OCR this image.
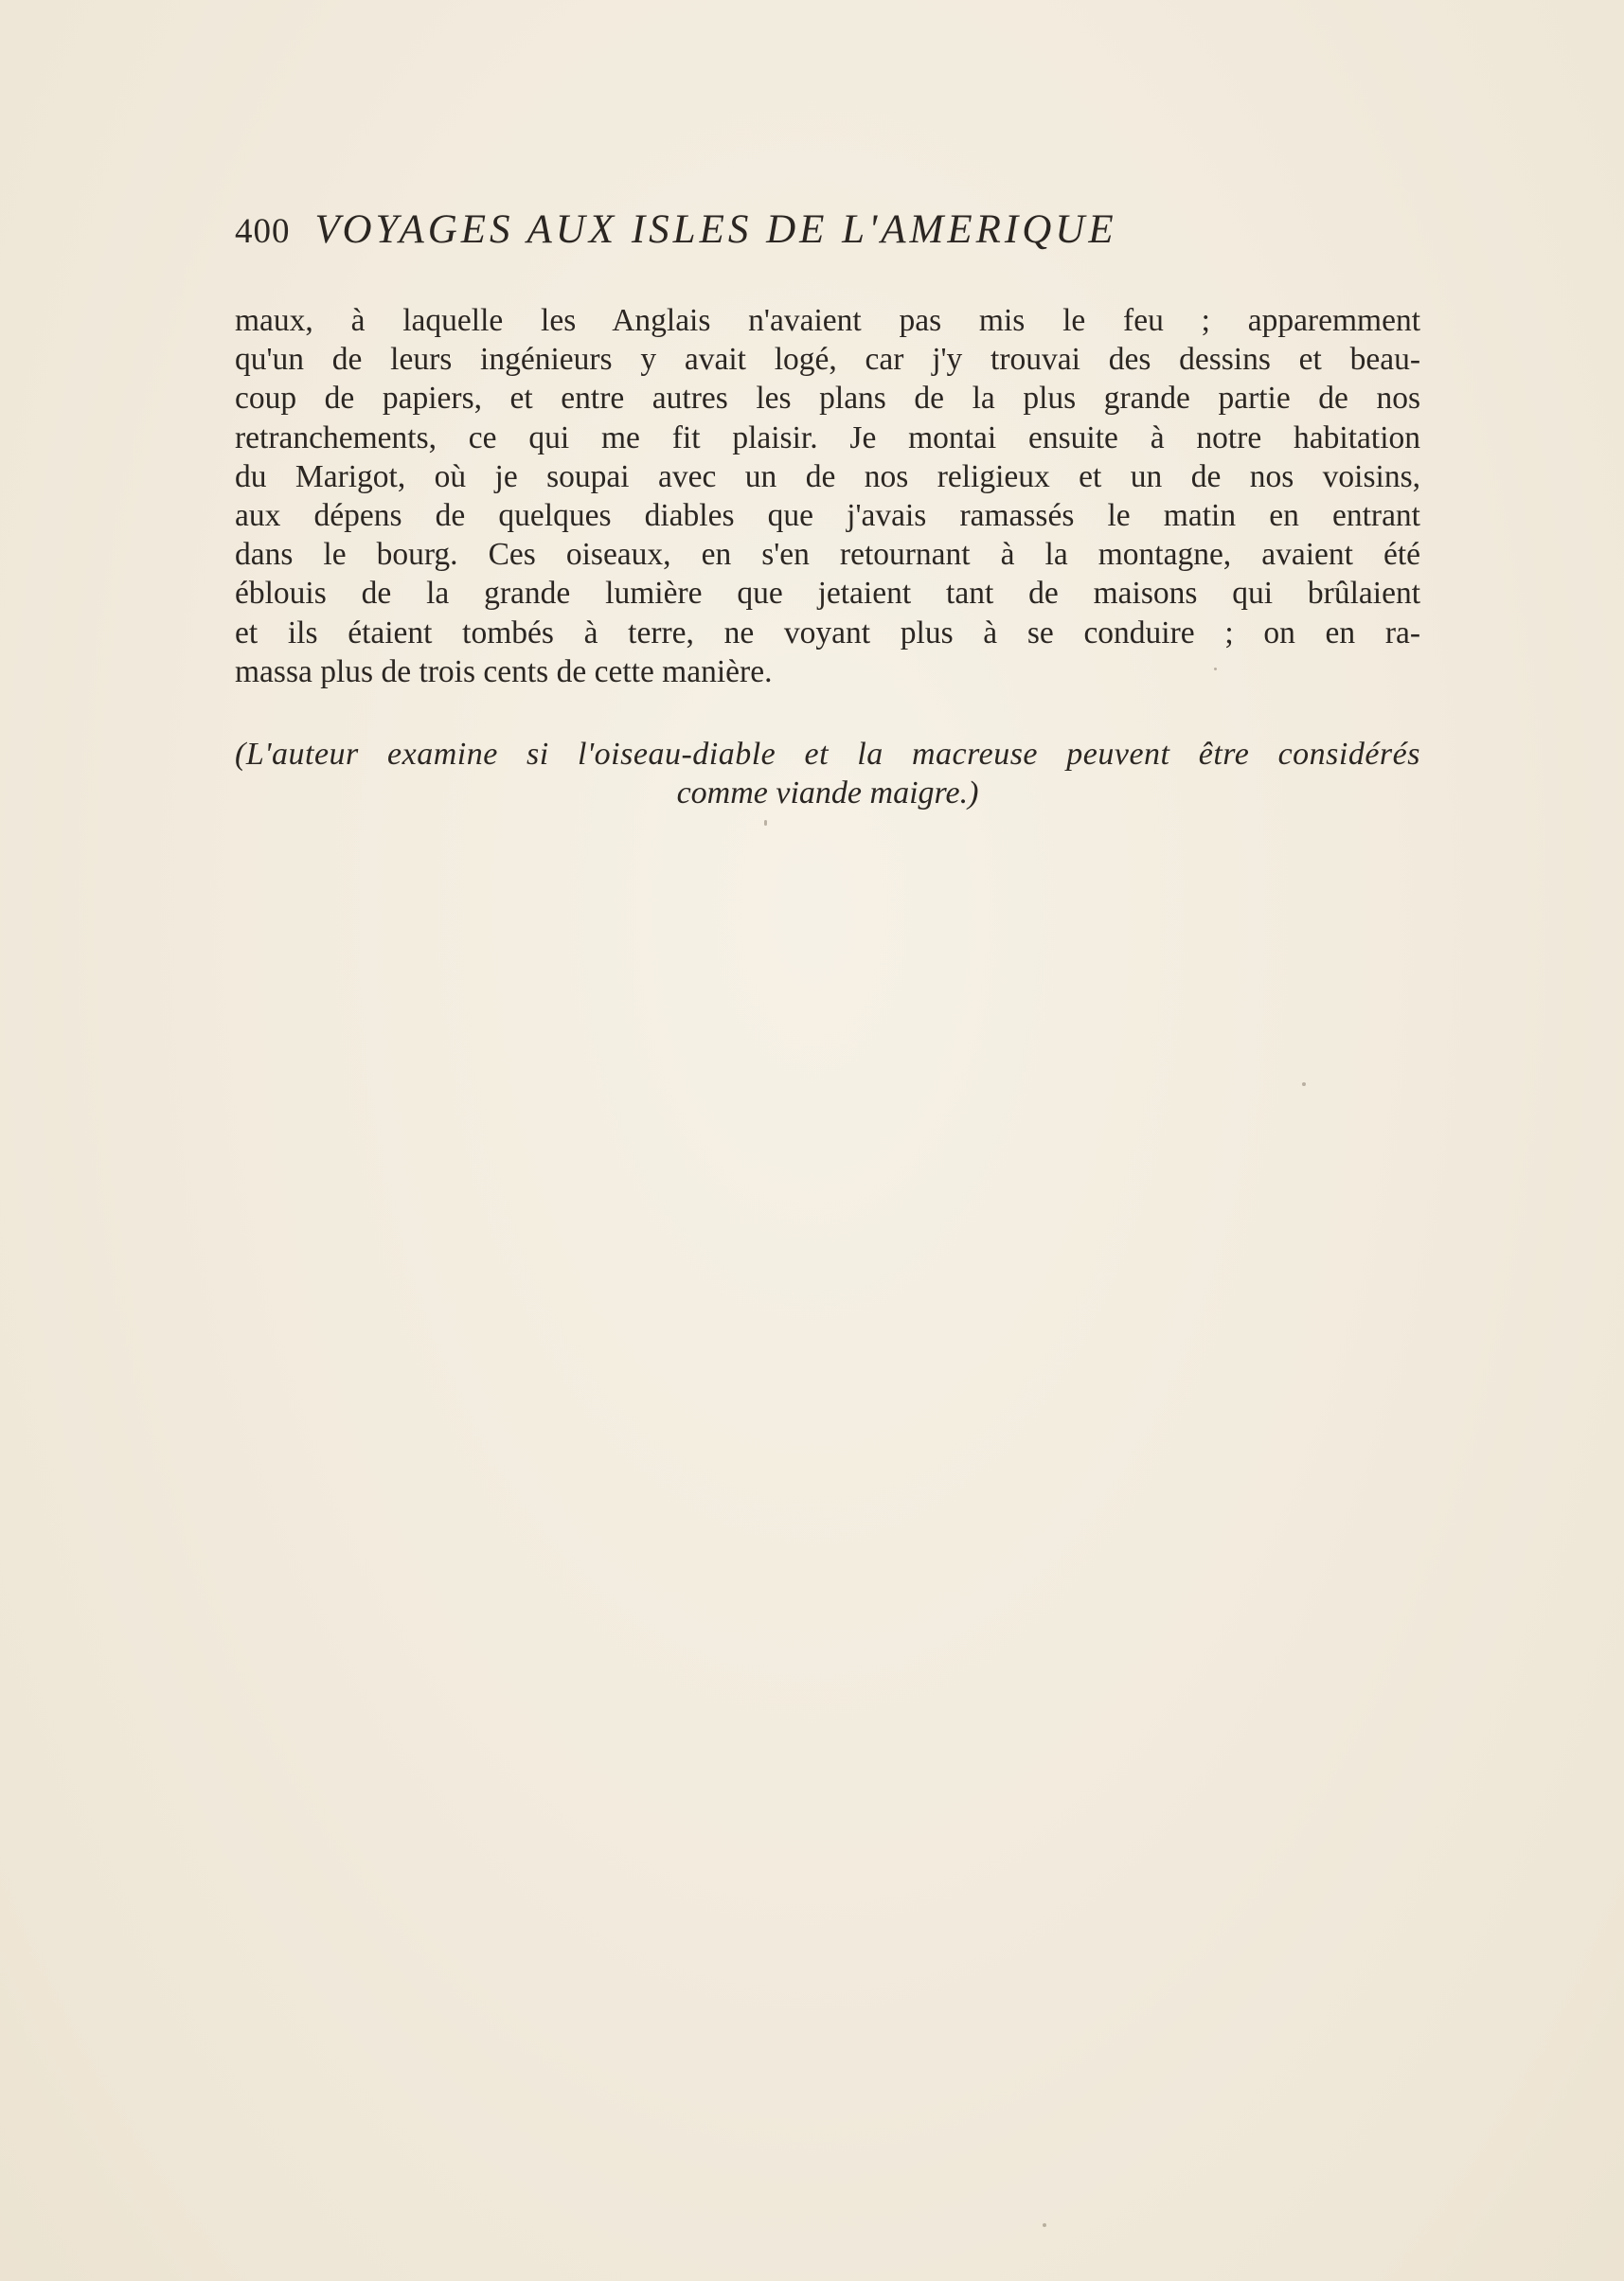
400 VOYAGES AUX ISLES DE L'AMERIQUE
maux, à laquelle les Anglais n'avaient pas mis le feu ; apparemment
qu'un de leurs ingénieurs y avait logé, car j'y trouvai des dessins et beau-
coup de papiers, et entre autres les plans de la plus grande partie de nos
retranchements, ce qui me fit plaisir. Je montai ensuite à notre habitation
du Marigot, où je soupai avec un de nos religieux et un de nos voisins,
aux dépens de quelques diables que j'avais ramassés le matin en entrant
dans le bourg. Ces oiseaux, en s'en retournant à la montagne, avaient été
éblouis de la grande lumière que jetaient tant de maisons qui brûlaient
et ils étaient tombés à terre, ne voyant plus à se conduire ; on en ra-
massa plus de trois cents de cette manière.
(L'auteur examine si l'oiseau-diable et la macreuse peuvent être considérés
comme viande maigre.)
